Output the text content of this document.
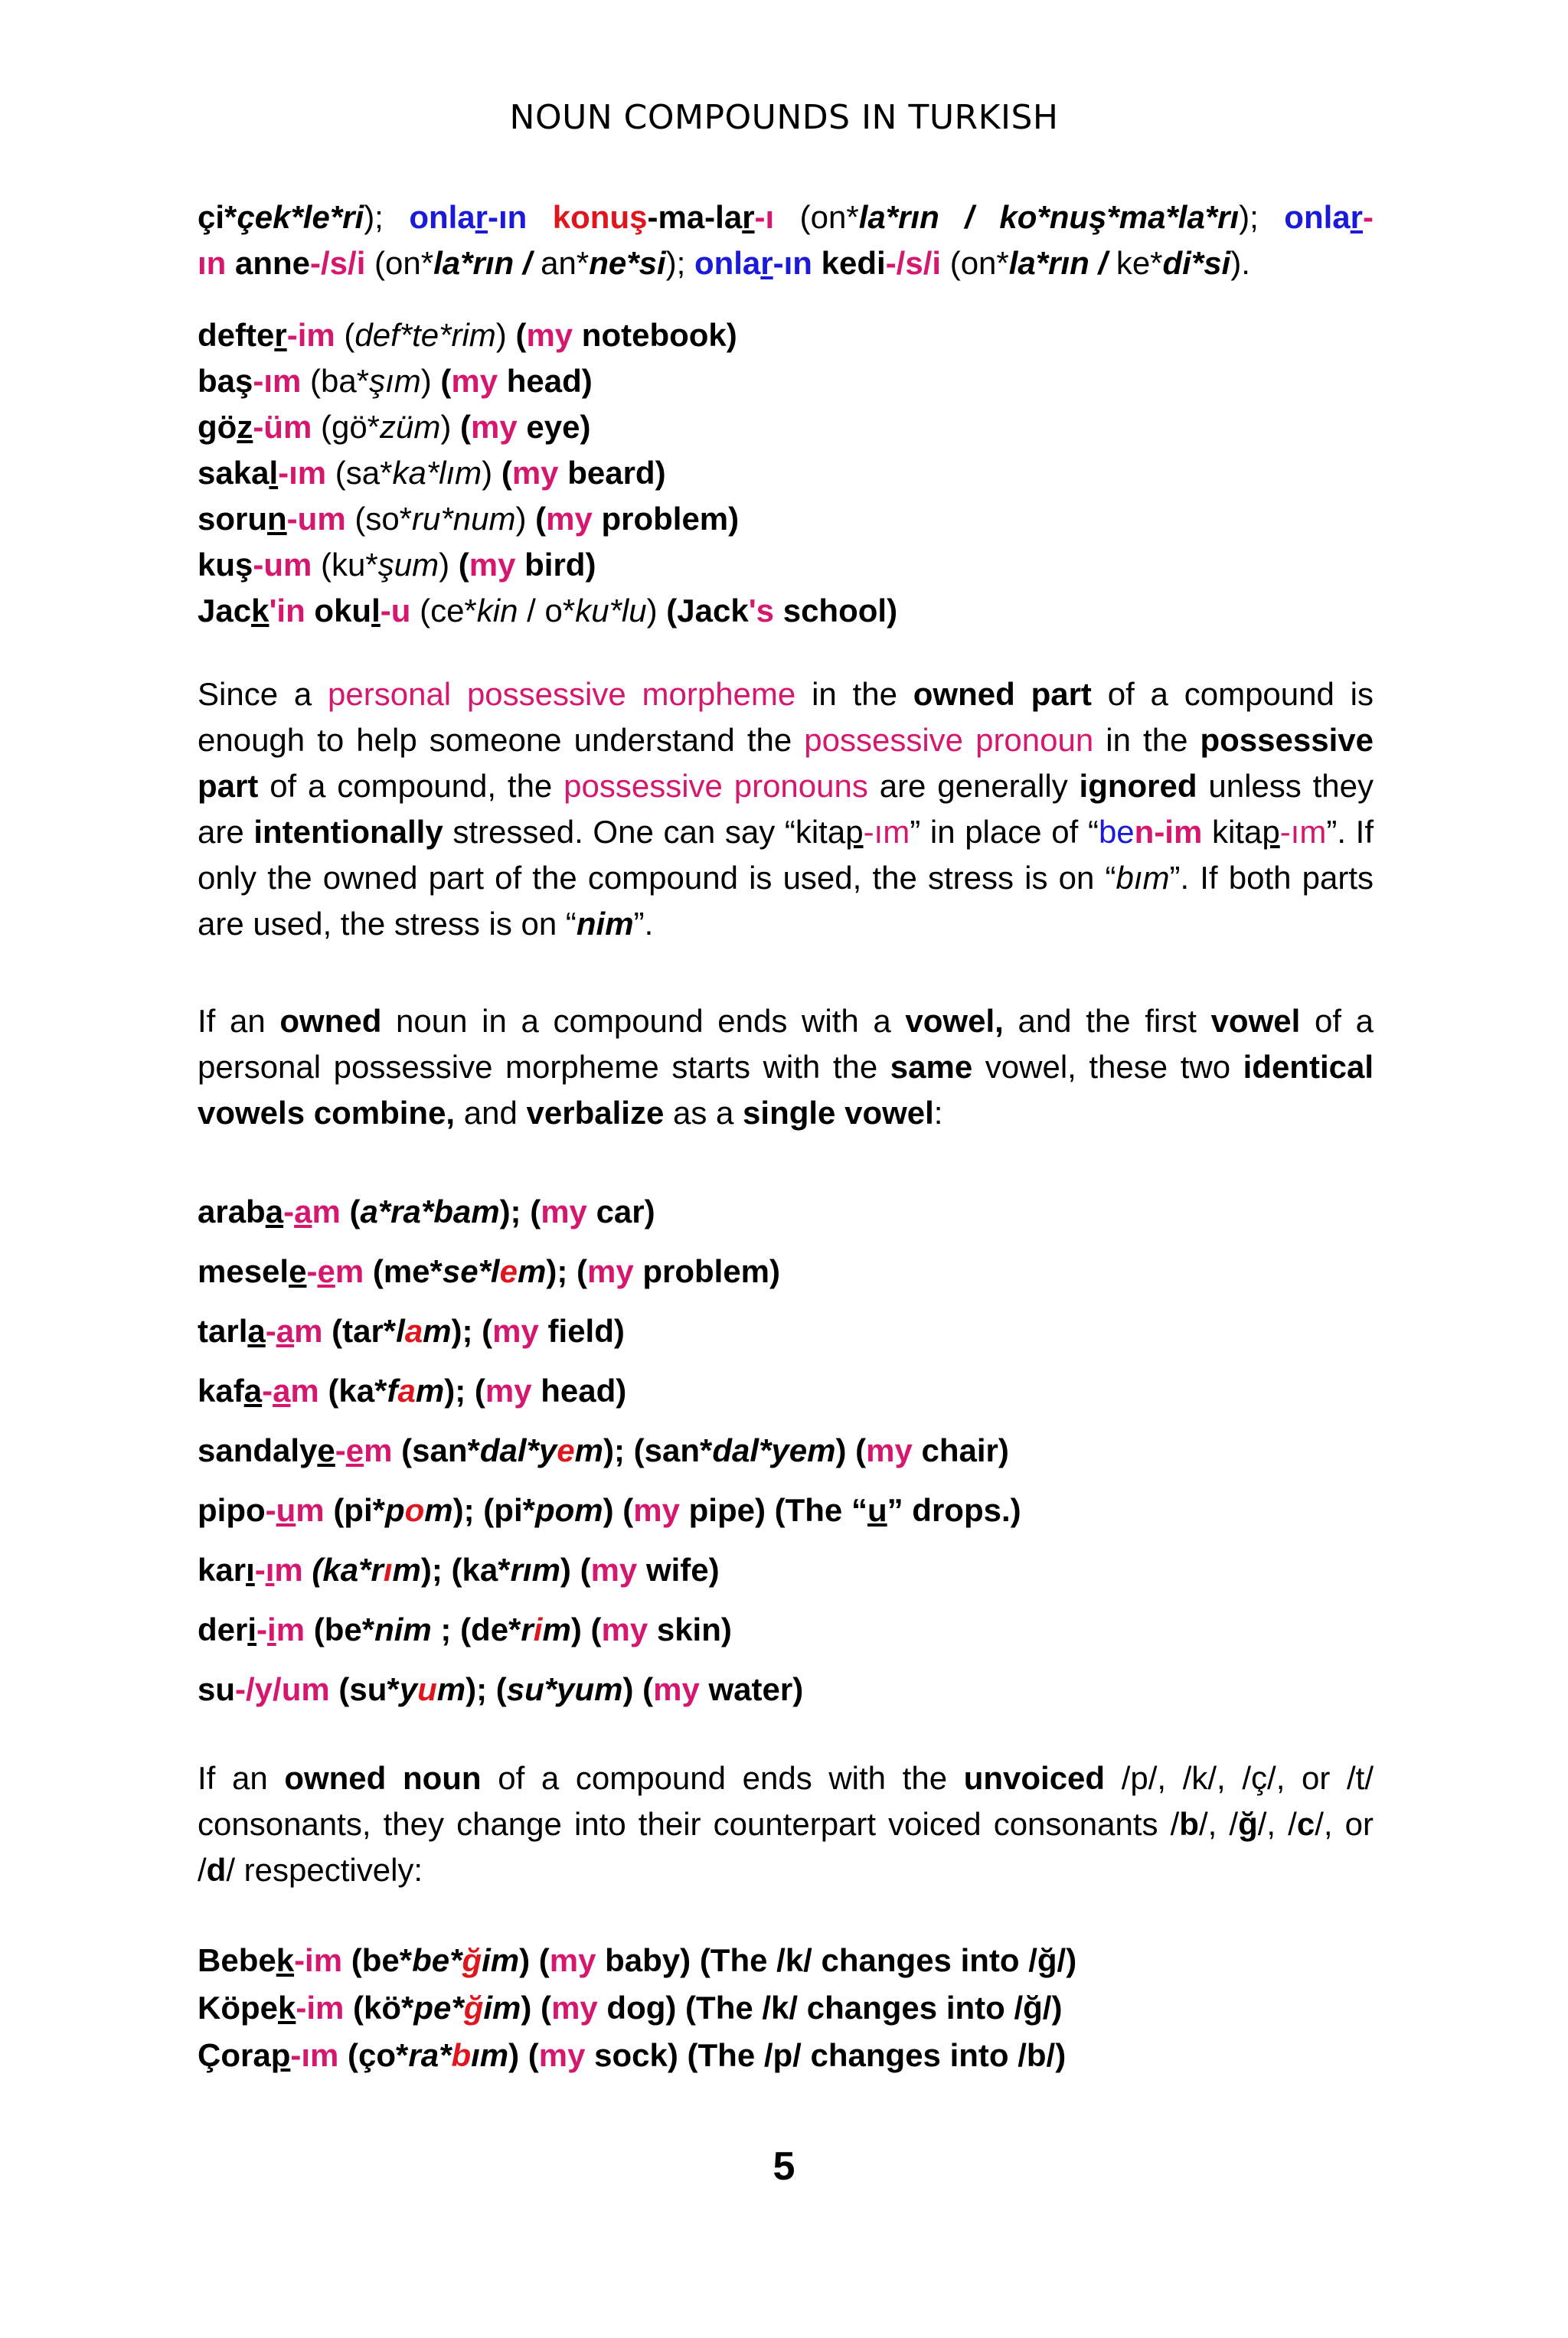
NOUN COMPOUNDS IN TURKISH
çi*çek*le*ri); onlar-ın konuş-ma-lar-ı (on*la*rın / ko*nuş*ma*la*rı); onlar-
ın anne-/s/i (on*la*rın / an*ne*si); onlar-ın kedi-/s/i (on*la*rın / ke*di*si).
defter-im (def*te*rim) (my notebook)
baş-ım (ba*şım) (my head)
göz-üm (gö*züm) (my eye)
sakal-ım (sa*ka*lım) (my beard)
sorun-um (so*ru*num) (my problem)
kuş-um (ku*şum) (my bird)
Jack'in okul-u (ce*kin / o*ku*lu) (Jack's school)
Since a personal possessive morpheme in the owned part of a compound is enough to help someone understand the possessive pronoun in the possessive part of a compound, the possessive pronouns are generally ignored unless they are intentionally stressed. One can say “kitap-ım” in place of “ben-im kitap-ım”. If only the owned part of the compound is used, the stress is on “bım”. If both parts are used, the stress is on “nim”.
If an owned noun in a compound ends with a vowel, and the first vowel of a personal possessive morpheme starts with the same vowel, these two identical vowels combine, and verbalize as a single vowel:
araba-am (a*ra*bam); (my car)
mesele-em (me*se*lem); (my problem)
tarla-am (tar*lam); (my field)
kafa-am (ka*fam); (my head)
sandalye-em (san*dal*yem); (san*dal*yem) (my chair)
pipo-um (pi*pom); (pi*pom) (my pipe) (The “u” drops.)
karı-ım (ka*rım); (ka*rım) (my wife)
deri-im (be*nim ; (de*rim) (my skin)
su-/y/um (su*yum); (su*yum) (my water)
If an owned noun of a compound ends with the unvoiced /p/, /k/, /ç/, or /t/ consonants, they change into their counterpart voiced consonants /b/, /ğ/, /c/, or /d/ respectively:
Bebek-im (be*be*ğim) (my baby) (The /k/ changes into /ğ/)
Köpek-im (kö*pe*ğim) (my dog) (The /k/ changes into /ğ/)
Çorap-ım (ço*ra*bım) (my sock) (The /p/ changes into /b/)
5
